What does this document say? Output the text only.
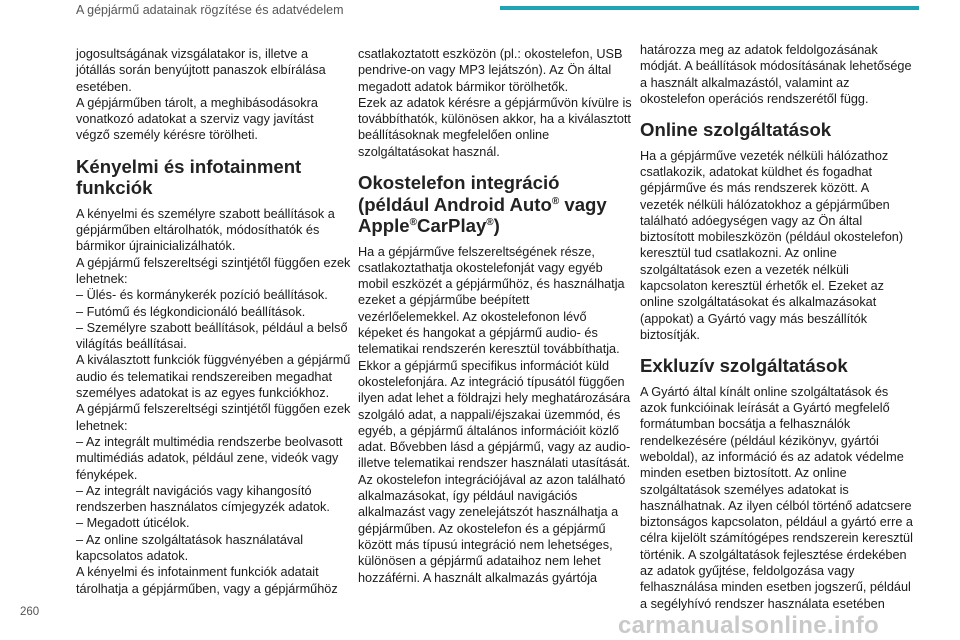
A gépjármű adatainak rögzítése és adatvédelem

jogosultságának vizsgálatakor is, illetve a jótállás során benyújtott panaszok elbírálása esetében.

A gépjárműben tárolt, a meghibásodásokra vonatkozó adatokat a szerviz vagy javítást végző személy kérésre törölheti.

Kényelmi és infotainment funkciók

A kényelmi és személyre szabott beállítások a gépjárműben eltárolhatók, módosíthatók és bármikor újrainicializálhatók.

A gépjármű felszereltségi szintjétől függően ezek lehetnek:

– Ülés- és kormánykerék pozíció beállítások.

– Futómű és légkondicionáló beállítások.

– Személyre szabott beállítások, például a belső világítás beállításai.

A kiválasztott funkciók függvényében a gépjármű audio és telematikai rendszereiben megadhat személyes adatokat is az egyes funkciókhoz.

A gépjármű felszereltségi szintjétől függően ezek lehetnek:

– Az integrált multimédia rendszerbe beolvasott multimédiás adatok, például zene, videók vagy fényképek.

– Az integrált navigációs vagy kihangosító rendszerben használatos címjegyzék adatok.

– Megadott úticélok.

– Az online szolgáltatások használatával kapcsolatos adatok.

A kényelmi és infotainment funkciók adatait tárolhatja a gépjárműben, vagy a gépjárműhöz

csatlakoztatott eszközön (pl.: okostelefon, USB pendrive-on vagy MP3 lejátszón). Az Ön által megadott adatok bármikor törölhetők.

Ezek az adatok kérésre a gépjárművön kívülre is továbbíthatók, különösen akkor, ha a kiválasztott beállításoknak megfelelően online szolgáltatásokat használ.

Okostelefon integráció (például Android Auto® vagy Apple®CarPlay®)

Ha a gépjárműve felszereltségének része, csatlakoztathatja okostelefonját vagy egyéb mobil eszközét a gépjárműhöz, és használhatja ezeket a gépjárműbe beépített vezérlőelemekkel. Az okostelefonon lévő képeket és hangokat a gépjármű audio- és telematikai rendszerén keresztül továbbíthatja. Ekkor a gépjármű specifikus információt küld okostelefonjára. Az integráció típusától függően ilyen adat lehet a földrajzi hely meghatározására szolgáló adat, a nappali/éjszakai üzemmód, és egyéb, a gépjármű általános információit közlő adat. Bővebben lásd a gépjármű, vagy az audio- illetve telematikai rendszer használati utasítását.

Az okostelefon integrációjával az azon található alkalmazásokat, így például navigációs alkalmazást vagy zenelejátszót használhatja a gépjárműben. Az okostelefon és a gépjármű között más típusú integráció nem lehetséges, különösen a gépjármű adataihoz nem lehet hozzáférni. A használt alkalmazás gyártója

határozza meg az adatok feldolgozásának módját. A beállítások módosításának lehetősége a használt alkalmazástól, valamint az okostelefon operációs rendszerétől függ.

Online szolgáltatások

Ha a gépjárműve vezeték nélküli hálózathoz csatlakozik, adatokat küldhet és fogadhat gépjárműve és más rendszerek között. A vezeték nélküli hálózatokhoz a gépjárműben található adóegységen vagy az Ön által biztosított mobileszközön (például okostelefon) keresztül tud csatlakozni. Az online szolgáltatások ezen a vezeték nélküli kapcsolaton keresztül érhetők el. Ezeket az online szolgáltatásokat és alkalmazásokat (appokat) a Gyártó vagy más beszállítók biztosítják.

Exkluzív szolgáltatások

A Gyártó által kínált online szolgáltatások és azok funkcióinak leírását a Gyártó megfelelő formátumban bocsátja a felhasználók rendelkezésére (például kézikönyv, gyártói weboldal), az információ és az adatok védelme minden esetben biztosított. Az online szolgáltatások személyes adatokat is használhatnak. Az ilyen célból történő adatcsere biztonságos kapcsolaton, például a gyártó erre a célra kijelölt számítógépes rendszerein keresztül történik. A szolgáltatások fejlesztése érdekében az adatok gyűjtése, feldolgozása vagy felhasználása minden esetben jogszerű, például a segélyhívó rendszer használata esetében

260	carmanualsonline.info
